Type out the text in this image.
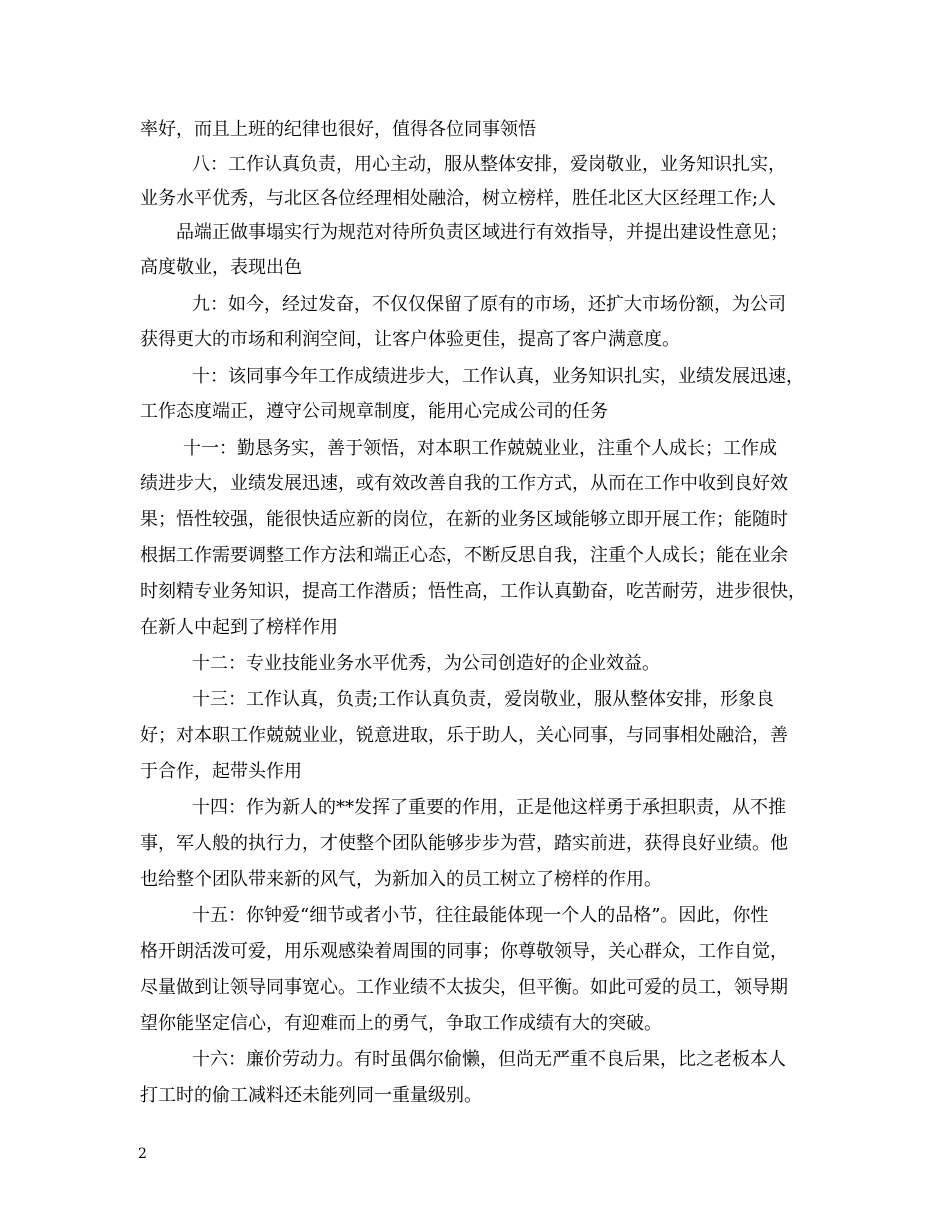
率好，而且上班的纪律也很好，值得各位同事领悟
八：工作认真负责，用心主动，服从整体安排，爱岗敬业，业务知识扎实，
业务水平优秀，与北区各位经理相处融洽，树立榜样，胜任北区大区经理工作;人
品端正做事塌实行为规范对待所负责区域进行有效指导，并提出建设性意见；
高度敬业，表现出色
九：如今，经过发奋，不仅仅保留了原有的市场，还扩大市场份额，为公司
获得更大的市场和利润空间，让客户体验更佳，提高了客户满意度。
十：该同事今年工作成绩进步大，工作认真，业务知识扎实，业绩发展迅速，
工作态度端正，遵守公司规章制度，能用心完成公司的任务
十一：勤恳务实，善于领悟，对本职工作兢兢业业，注重个人成长；工作成
绩进步大，业绩发展迅速，或有效改善自我的工作方式，从而在工作中收到良好效
果；悟性较强，能很快适应新的岗位，在新的业务区域能够立即开展工作；能随时
根据工作需要调整工作方法和端正心态，不断反思自我，注重个人成长；能在业余
时刻精专业务知识，提高工作潜质；悟性高，工作认真勤奋，吃苦耐劳，进步很快，
在新人中起到了榜样作用
十二：专业技能业务水平优秀，为公司创造好的企业效益。
十三：工作认真，负责;工作认真负责，爱岗敬业，服从整体安排，形象良
好；对本职工作兢兢业业，锐意进取，乐于助人，关心同事，与同事相处融洽，善
于合作，起带头作用
十四：作为新人的**发挥了重要的作用，正是他这样勇于承担职责，从不推
事，军人般的执行力，才使整个团队能够步步为营，踏实前进，获得良好业绩。他
也给整个团队带来新的风气，为新加入的员工树立了榜样的作用。
十五：你钟爱“细节或者小节，往往最能体现一个人的品格”。因此，你性
格开朗活泼可爱，用乐观感染着周围的同事；你尊敬领导，关心群众，工作自觉，
尽量做到让领导同事宽心。工作业绩不太拔尖，但平衡。如此可爱的员工，领导期
望你能坚定信心，有迎难而上的勇气，争取工作成绩有大的突破。
十六：廉价劳动力。有时虽偶尔偷懒，但尚无严重不良后果，比之老板本人
打工时的偷工减料还未能列同一重量级别。
2
